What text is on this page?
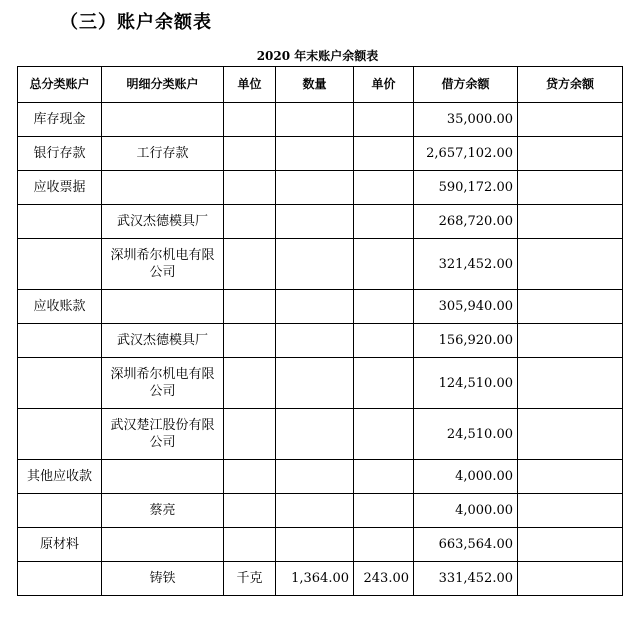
（三）账户余额表
2020 年末账户余额表
总分类账户	明细分类账户	单位	数量	单价	借方余额	贷方余额
库存现金					35,000.00	
银行存款	工行存款				2,657,102.00	
应收票据					590,172.00	
	武汉杰德模具厂				268,720.00	
	深圳希尔机电有限公司				321,452.00	
应收账款					305,940.00	
	武汉杰德模具厂				156,920.00	
	深圳希尔机电有限公司				124,510.00	
	武汉楚江股份有限公司				24,510.00	
其他应收款					4,000.00	
	蔡亮				4,000.00	
原材料					663,564.00	
	铸铁	千克	1,364.00	243.00	331,452.00	
